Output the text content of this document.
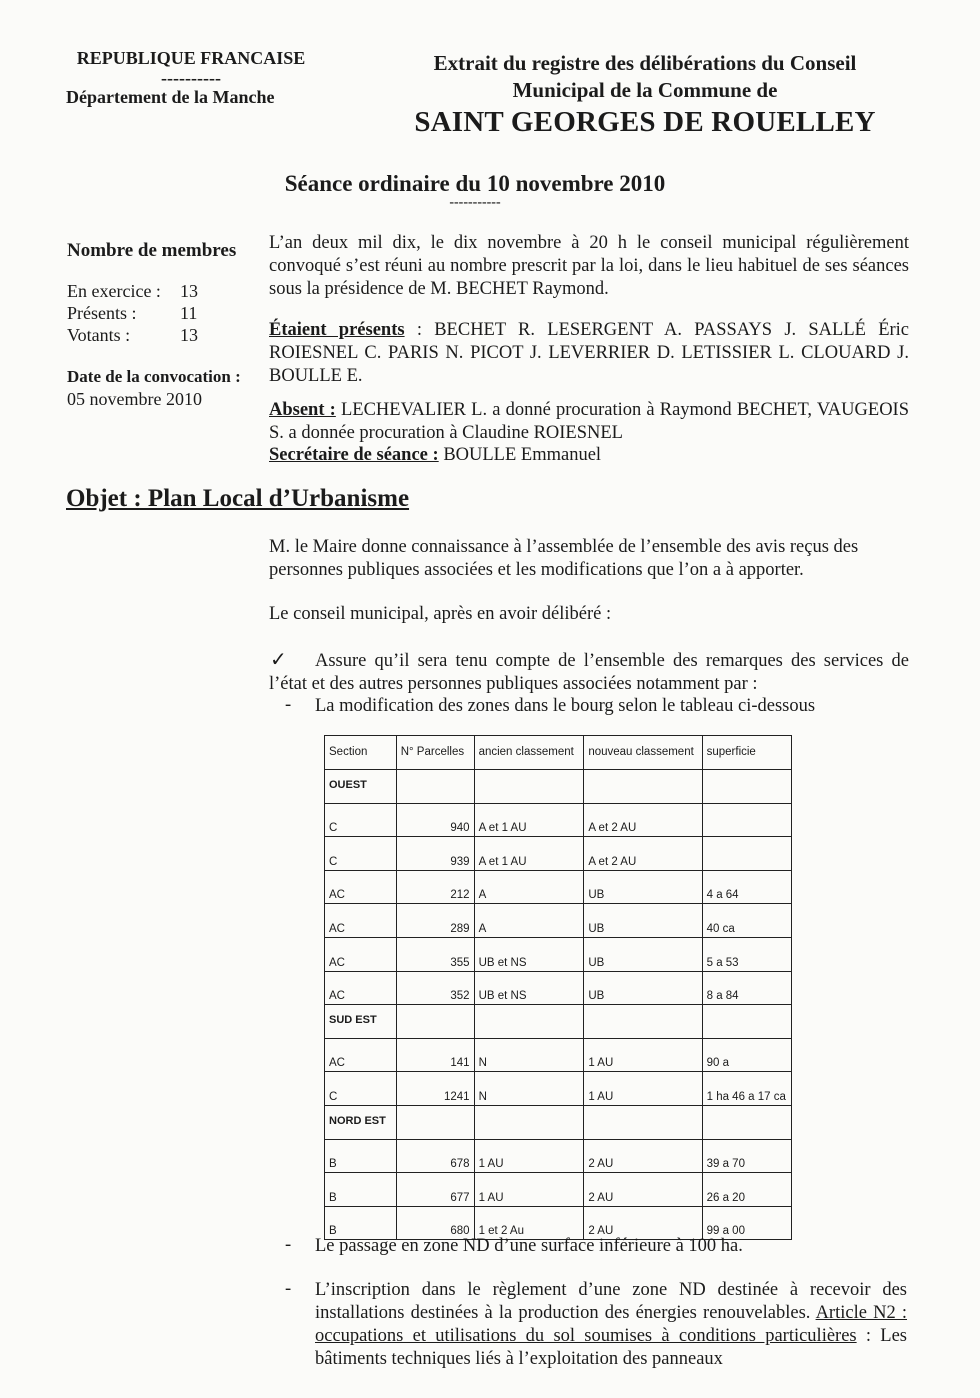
REPUBLIQUE FRANCAISE
----------
Département de la Manche
Extrait du registre des délibérations du Conseil
Municipal de la Commune de
SAINT GEORGES DE ROUELLEY
Séance ordinaire du 10 novembre 2010
-----------
Nombre de membres
En exercice :	13
Présents :	11
Votants :	13
Date de la convocation :
05 novembre 2010
L’an deux mil dix, le dix novembre à 20 h le conseil municipal régulièrement convoqué s’est réuni au nombre prescrit par la loi, dans le lieu habituel de ses séances sous la présidence de M. BECHET Raymond.
Étaient présents : BECHET R. LESERGENT A. PASSAYS J. SALLÉ Éric ROIESNEL C. PARIS N. PICOT J. LEVERRIER D. LETISSIER L. CLOUARD J. BOULLE E.
Absent : LECHEVALIER L. a donné procuration à Raymond BECHET, VAUGEOIS S. a donnée procuration à Claudine ROIESNEL
Secrétaire de séance : BOULLE Emmanuel
Objet : Plan Local d’Urbanisme
M. le Maire donne connaissance à l’assemblée de l’ensemble des avis reçus des personnes publiques associées et les modifications que l’on a à apporter.
Le conseil municipal, après en avoir délibéré :
✓	Assure qu’il sera tenu compte de l’ensemble des remarques des services de l’état et des autres personnes publiques associées notamment par :
- La modification des zones dans le bourg selon le tableau ci-dessous
Section	N° Parcelles	ancien classement	nouveau classement	superficie
OUEST				
C	940	A et 1 AU	A et 2 AU	
C	939	A et 1 AU	A et 2 AU	
AC	212	A	UB	4 a 64
AC	289	A	UB	40 ca
AC	355	UB et NS	UB	5 a 53
AC	352	UB et NS	UB	8 a 84
SUD EST				
AC	141	N	1 AU	90 a
C	1241	N	1 AU	1 ha 46 a 17 ca
NORD EST				
B	678	1 AU	2 AU	39 a 70
B	677	1 AU	2 AU	26 a 20
B	680	1 et 2 Au	2 AU	99 a 00
- Le passage en zone ND d’une surface inférieure à 100 ha.
- L’inscription dans le règlement d’une zone ND destinée à recevoir des installations destinées à la production des énergies renouvelables. Article N2 : occupations et utilisations du sol soumises à conditions particulières : Les bâtiments techniques liés à l’exploitation des panneaux
